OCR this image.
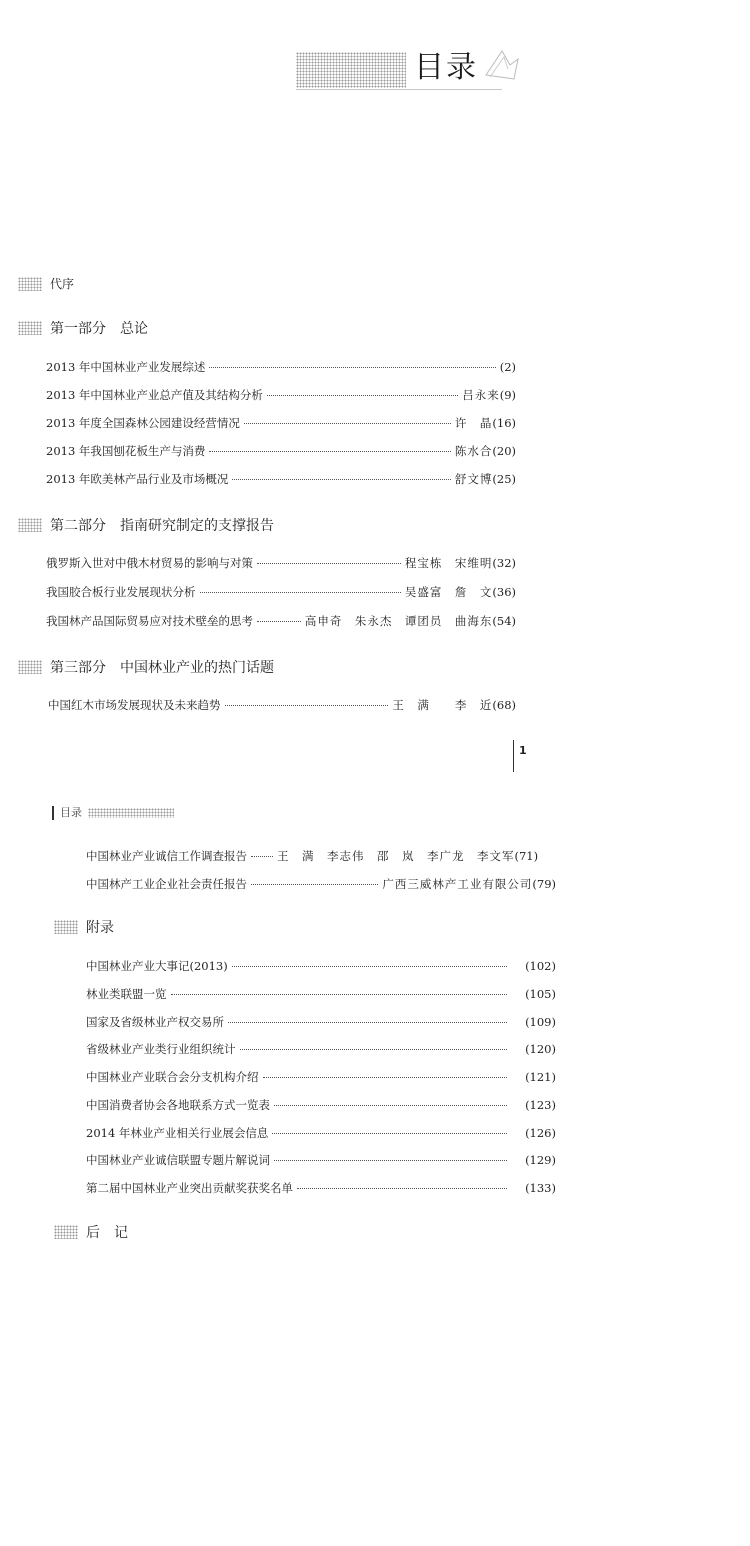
目录
代序
第一部分　总论
2013 年中国林业产业发展综述	(2)
2013 年中国林业产业总产值及其结构分析	吕永来 (9)
2013 年度全国森林公园建设经营情况	许　晶 (16)
2013 年我国刨花板生产与消费	陈水合 (20)
2013 年欧美林产品行业及市场概况	舒文博 (25)
第二部分　指南研究制定的支撑报告
俄罗斯入世对中俄木材贸易的影响与对策	程宝栋　宋维明 (32)
我国胶合板行业发展现状分析	吴盛富　詹　文 (36)
我国林产品国际贸易应对技术壁垒的思考	高申奇　朱永杰　谭团员　曲海东 (54)
第三部分　中国林业产业的热门话题
中国红木市场发展现状及未来趋势	王　满　　李　近 (68)
1
目录
中国林业产业诚信工作调查报告	王　满　李志伟　邵　岚　李广龙　李文军 (71)
中国林产工业企业社会责任报告	广西三威林产工业有限公司 (79)
附录
中国林业产业大事记(2013)	(102)
林业类联盟一览	(105)
国家及省级林业产权交易所	(109)
省级林业产业类行业组织统计	(120)
中国林业产业联合会分支机构介绍	(121)
中国消费者协会各地联系方式一览表	(123)
2014 年林业产业相关行业展会信息	(126)
中国林业产业诚信联盟专题片解说词	(129)
第二届中国林业产业突出贡献奖获奖名单	(133)
后　记
